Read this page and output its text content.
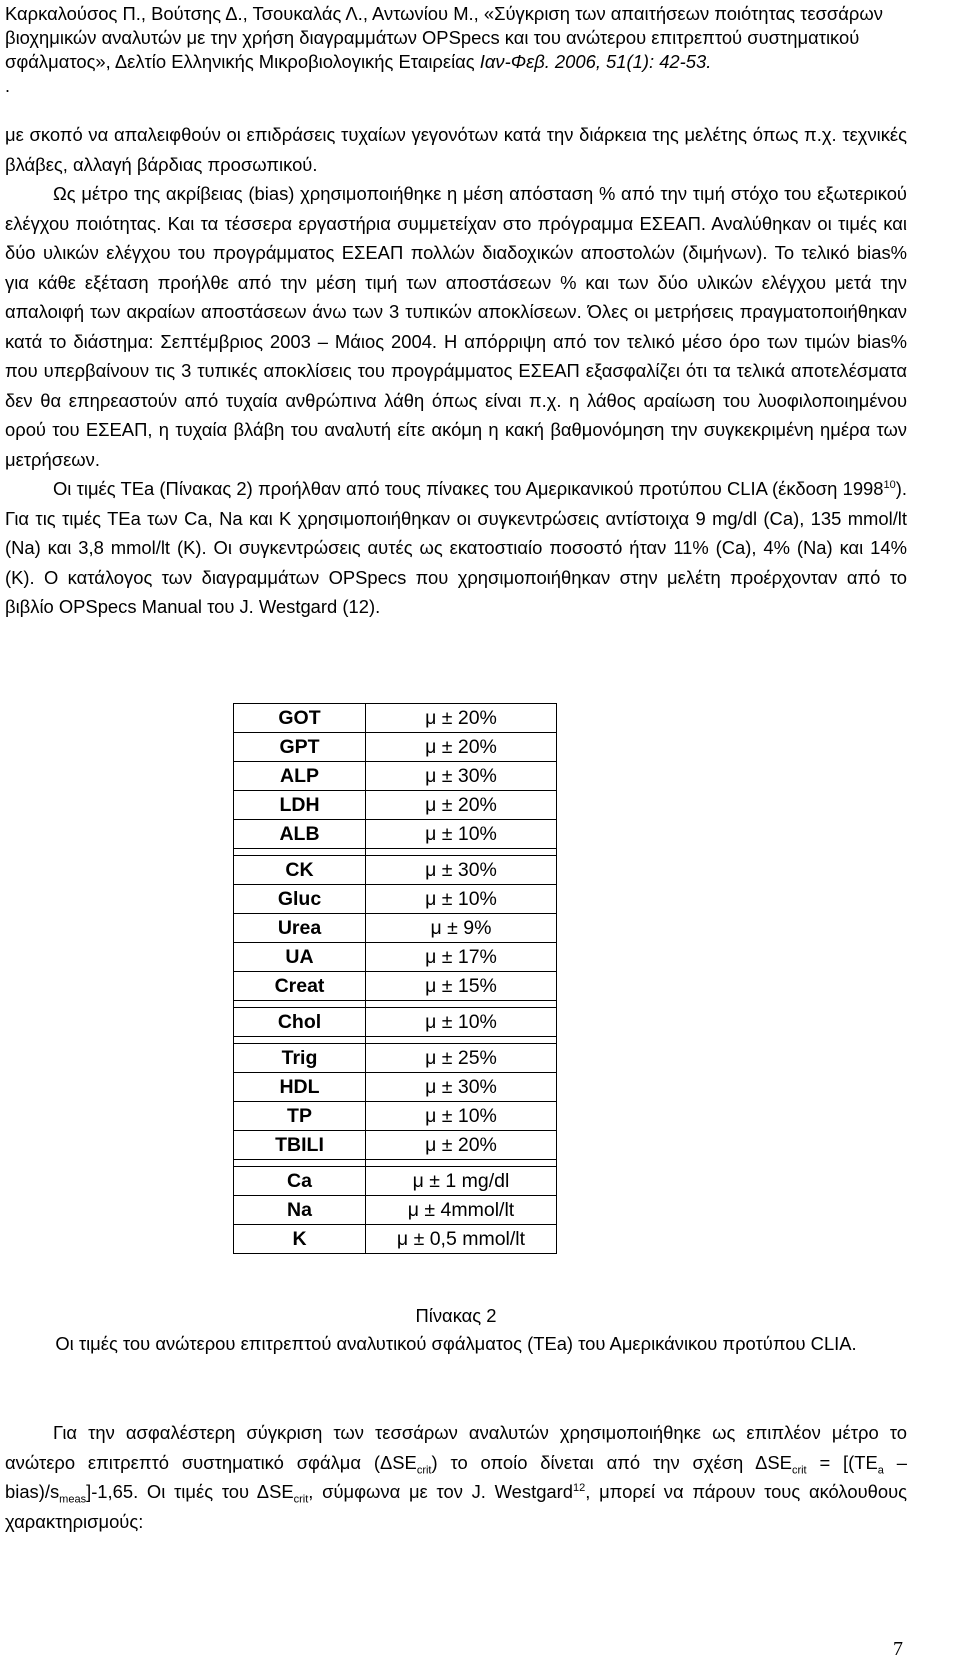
Καρκαλούσος Π., Βούτσης Δ., Τσουκαλάς Λ., Αντωνίου Μ., «Σύγκριση των απαιτήσεων ποιότητας τεσσάρων βιοχημικών αναλυτών με την χρήση διαγραμμάτων OPSpecs και του ανώτερου επιτρεπτού συστηματικού σφάλματος», Δελτίο Ελληνικής Μικροβιολογικής Εταιρείας Ιαν-Φεβ. 2006, 51(1): 42-53.

.

με σκοπό να απαλειφθούν οι επιδράσεις τυχαίων γεγονότων κατά την διάρκεια της μελέτης όπως π.χ. τεχνικές βλάβες, αλλαγή βάρδιας προσωπικού.

Ως μέτρο της ακρίβειας (bias) χρησιμοποιήθηκε η μέση απόσταση % από την τιμή στόχο του εξωτερικού ελέγχου ποιότητας. Και τα τέσσερα εργαστήρια συμμετείχαν στο πρόγραμμα ΕΣΕΑΠ. Αναλύθηκαν οι τιμές και δύο υλικών ελέγχου του προγράμματος ΕΣΕΑΠ πολλών διαδοχικών αποστολών (διμήνων). Το τελικό bias% για κάθε εξέταση προήλθε από την μέση τιμή των αποστάσεων % και των δύο υλικών ελέγχου μετά την απαλοιφή των ακραίων αποστάσεων άνω των 3 τυπικών αποκλίσεων. Όλες οι μετρήσεις πραγματοποιήθηκαν κατά το διάστημα: Σεπτέμβριος 2003 – Μάιος 2004. Η απόρριψη από τον τελικό μέσο όρο των τιμών bias% που υπερβαίνουν τις 3 τυπικές αποκλίσεις του προγράμματος ΕΣΕΑΠ εξασφαλίζει ότι τα τελικά αποτελέσματα δεν θα επηρεαστούν από τυχαία ανθρώπινα λάθη όπως είναι π.χ. η λάθος αραίωση του λυοφιλοποιημένου ορού του ΕΣΕΑΠ, η τυχαία βλάβη του αναλυτή είτε ακόμη η κακή βαθμονόμηση την συγκεκριμένη ημέρα των μετρήσεων.

Οι τιμές ΤΕa (Πίνακας 2) προήλθαν από τους πίνακες του Αμερικανικού προτύπου CLIA (έκδοση 1998$^{10}$). Για τις τιμές ΤΕa των Ca, Na και K χρησιμοποιήθηκαν οι συγκεντρώσεις αντίστοιχα 9 mg/dl (Ca), 135 mmol/lt (Na) και 3,8 mmol/lt (K). Οι συγκεντρώσεις αυτές ως εκατοστιαίο ποσοστό ήταν 11% (Ca), 4% (Na) και 14% (K). Ο κατάλογος των διαγραμμάτων OPSpecs που χρησιμοποιήθηκαν στην μελέτη προέρχονταν από το βιβλίο OPSpecs Manual του J. Westgard (12).

GOT	μ ± 20%
GPT	μ ± 20%
ALP	μ ± 30%
LDH	μ ± 20%
ALB	μ ± 10%

CK	μ ± 30%
Gluc	μ ± 10%
Urea	μ ± 9%
UA	μ ± 17%
Creat	μ ± 15%

Chol	μ ± 10%

Trig	μ ± 25%
HDL	μ ± 30%
TP	μ ± 10%
TBILI	μ ± 20%

Ca	μ ± 1 mg/dl
Na	μ ± 4mmol/lt
K	μ ± 0,5 mmol/lt

Πίνακας 2

Οι τιμές του ανώτερου επιτρεπτού αναλυτικού σφάλματος (ΤΕa) του Αμερικάνικου προτύπου CLIA.

Για την ασφαλέστερη σύγκριση των τεσσάρων αναλυτών χρησιμοποιήθηκε ως επιπλέον μέτρο το ανώτερο επιτρεπτό συστηματικό σφάλμα $(\Delta SE_{crit})$ το οποίο δίνεται από την σχέση $\Delta SE_{crit} = [(TE_a$ – $bias)/s_{meas}]-1,65$. Οι τιμές του $\Delta SE_{crit}$, σύμφωνα με τον J. Westgard$^{12}$, μπορεί να πάρουν τους ακόλουθους χαρακτηρισμούς:

7
